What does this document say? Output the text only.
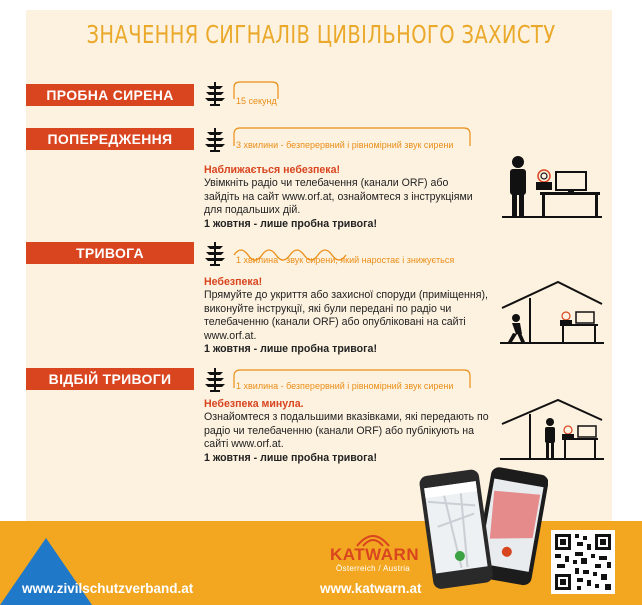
ЗНАЧЕННЯ СИГНАЛІВ ЦИВІЛЬНОГО ЗАХИСТУ
ПРОБНА СИРЕНА	15 секунд
ПОПЕРЕДЖЕННЯ	3 хвилини - безперервний і рівномірний звук сирени
Наближається небезпека!
Увімкніть радіо чи телебачення (канали ORF) або
зайдіть на сайт www.orf.at, ознайомтеся з інструкціями
для подальших дій.
1 жовтня - лише пробна тривога!
ТРИВОГА	1 хвилина - звук сирени, який наростає і знижується
Небезпека!
Прямуйте до укриття або захисної споруди (приміщення),
виконуйте інструкції, які були передані по радіо чи
телебаченню (канали ORF) або опубліковані на сайті
www.orf.at.
1 жовтня - лише пробна тривога!
ВІДБІЙ ТРИВОГИ	1 хвилина - безперервний і рівномірний звук сирени
Небезпека минула.
Ознайомтеся з подальшими вказівками, які передають по
радіо чи телебаченню (канали ORF) або публікують на
сайті www.orf.at.
1 жовтня - лише пробна тривога!
www.zivilschutzverband.at
KATWARN
Österreich / Austria
www.katwarn.at
